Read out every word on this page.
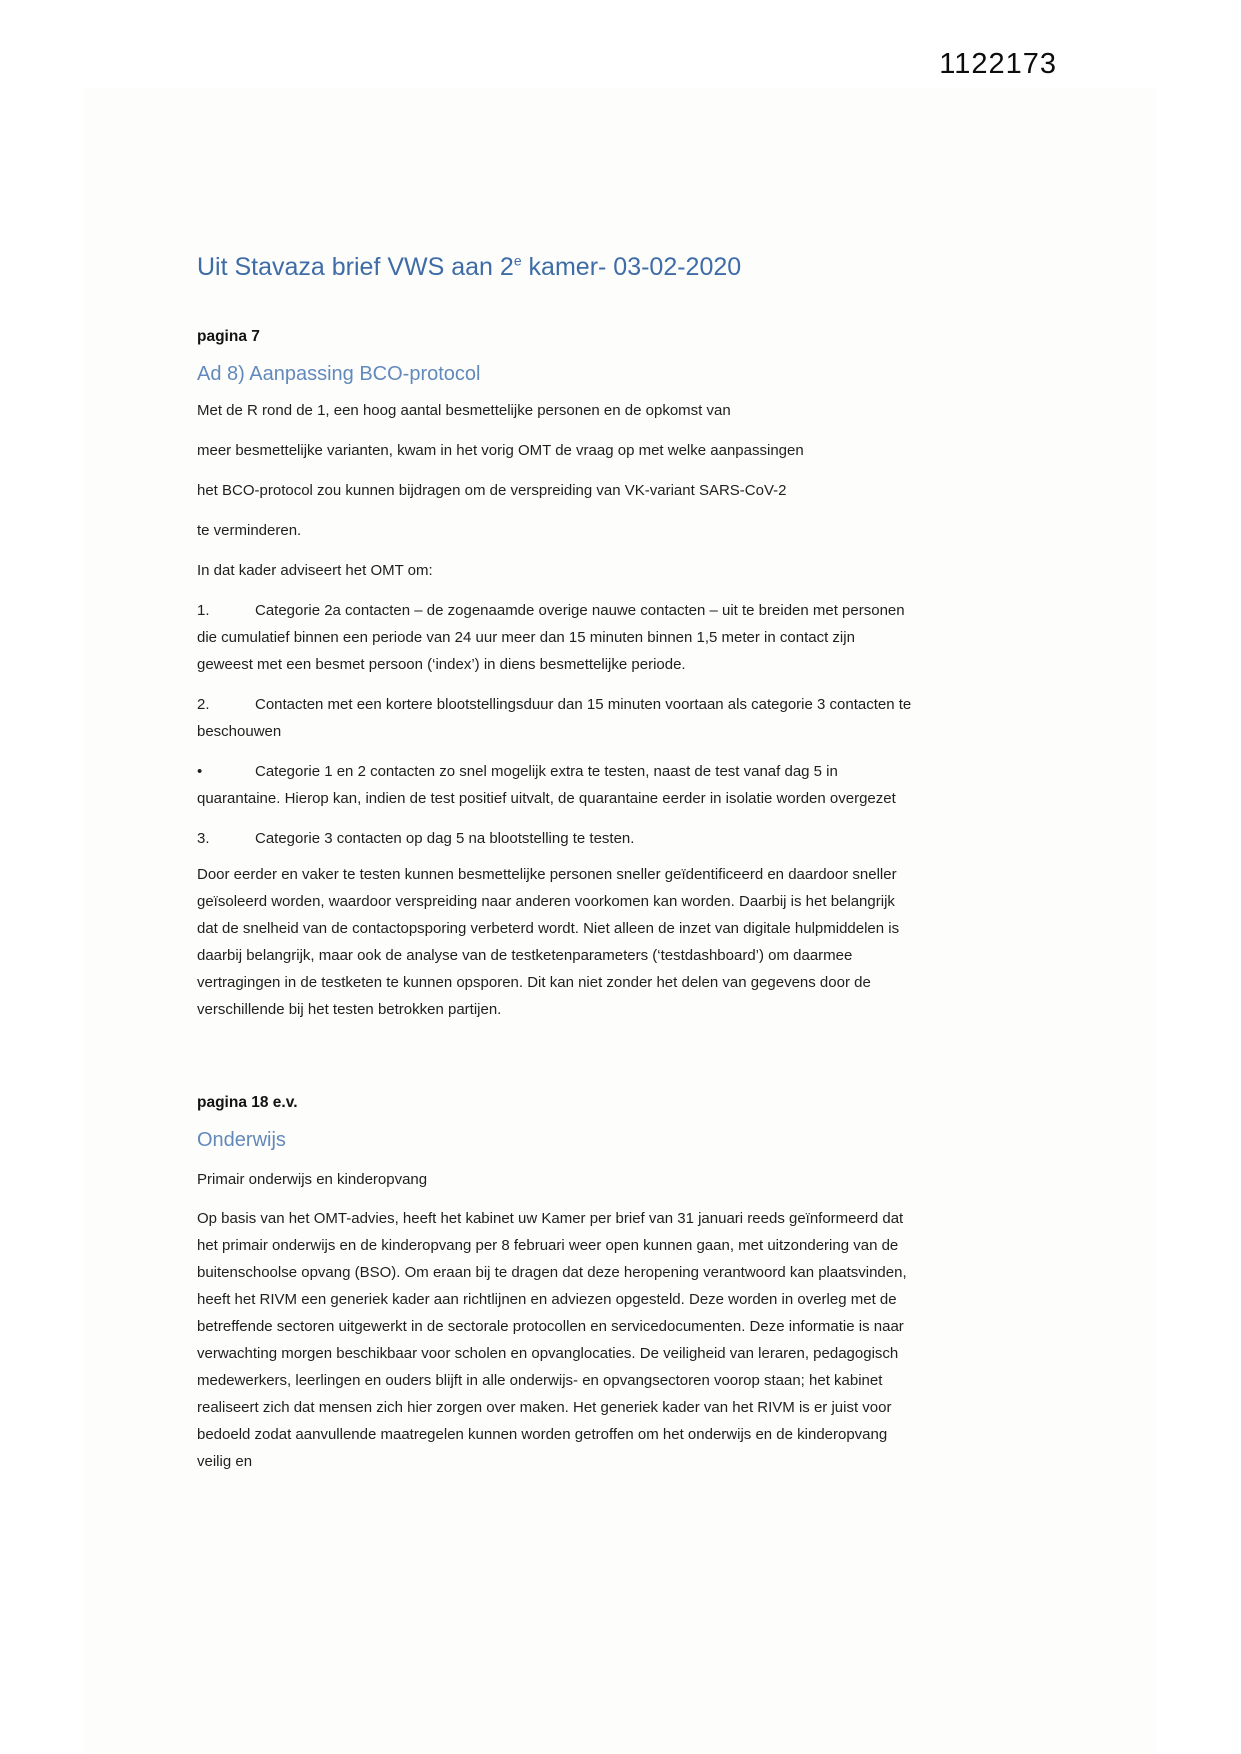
1122173
Uit Stavaza brief VWS aan 2e kamer- 03-02-2020

pagina 7

Ad 8) Aanpassing BCO-protocol

Met de R rond de 1, een hoog aantal besmettelijke personen en de opkomst van

meer besmettelijke varianten, kwam in het vorig OMT de vraag op met welke aanpassingen

het BCO-protocol zou kunnen bijdragen om de verspreiding van VK-variant SARS-CoV-2

te verminderen.

In dat kader adviseert het OMT om:

1.	Categorie 2a contacten – de zogenaamde overige nauwe contacten – uit te breiden met personen die cumulatief binnen een periode van 24 uur meer dan 15 minuten binnen 1,5 meter in contact zijn geweest met een besmet persoon (‘index’) in diens besmettelijke periode.
2.	Contacten met een kortere blootstellingsduur dan 15 minuten voortaan als categorie 3 contacten te beschouwen
•	Categorie 1 en 2 contacten zo snel mogelijk extra te testen, naast de test vanaf dag 5 in quarantaine. Hierop kan, indien de test positief uitvalt, de quarantaine eerder in isolatie worden overgezet
3.	Categorie 3 contacten op dag 5 na blootstelling te testen.

Door eerder en vaker te testen kunnen besmettelijke personen sneller geïdentificeerd en daardoor sneller geïsoleerd worden, waardoor verspreiding naar anderen voorkomen kan worden. Daarbij is het belangrijk dat de snelheid van de contactopsporing verbeterd wordt. Niet alleen de inzet van digitale hulpmiddelen is daarbij belangrijk, maar ook de analyse van de testketenparameters (‘testdashboard’) om daarmee vertragingen in de testketen te kunnen opsporen. Dit kan niet zonder het delen van gegevens door de verschillende bij het testen betrokken partijen.

pagina 18 e.v.

Onderwijs

Primair onderwijs en kinderopvang

Op basis van het OMT-advies, heeft het kabinet uw Kamer per brief van 31 januari reeds geïnformeerd dat het primair onderwijs en de kinderopvang per 8 februari weer open kunnen gaan, met uitzondering van de buitenschoolse opvang (BSO). Om eraan bij te dragen dat deze heropening verantwoord kan plaatsvinden, heeft het RIVM een generiek kader aan richtlijnen en adviezen opgesteld. Deze worden in overleg met de betreffende sectoren uitgewerkt in de sectorale protocollen en servicedocumenten. Deze informatie is naar verwachting morgen beschikbaar voor scholen en opvanglocaties. De veiligheid van leraren, pedagogisch medewerkers, leerlingen en ouders blijft in alle onderwijs- en opvangsectoren voorop staan; het kabinet realiseert zich dat mensen zich hier zorgen over maken. Het generiek kader van het RIVM is er juist voor bedoeld zodat aanvullende maatregelen kunnen worden getroffen om het onderwijs en de kinderopvang veilig en
